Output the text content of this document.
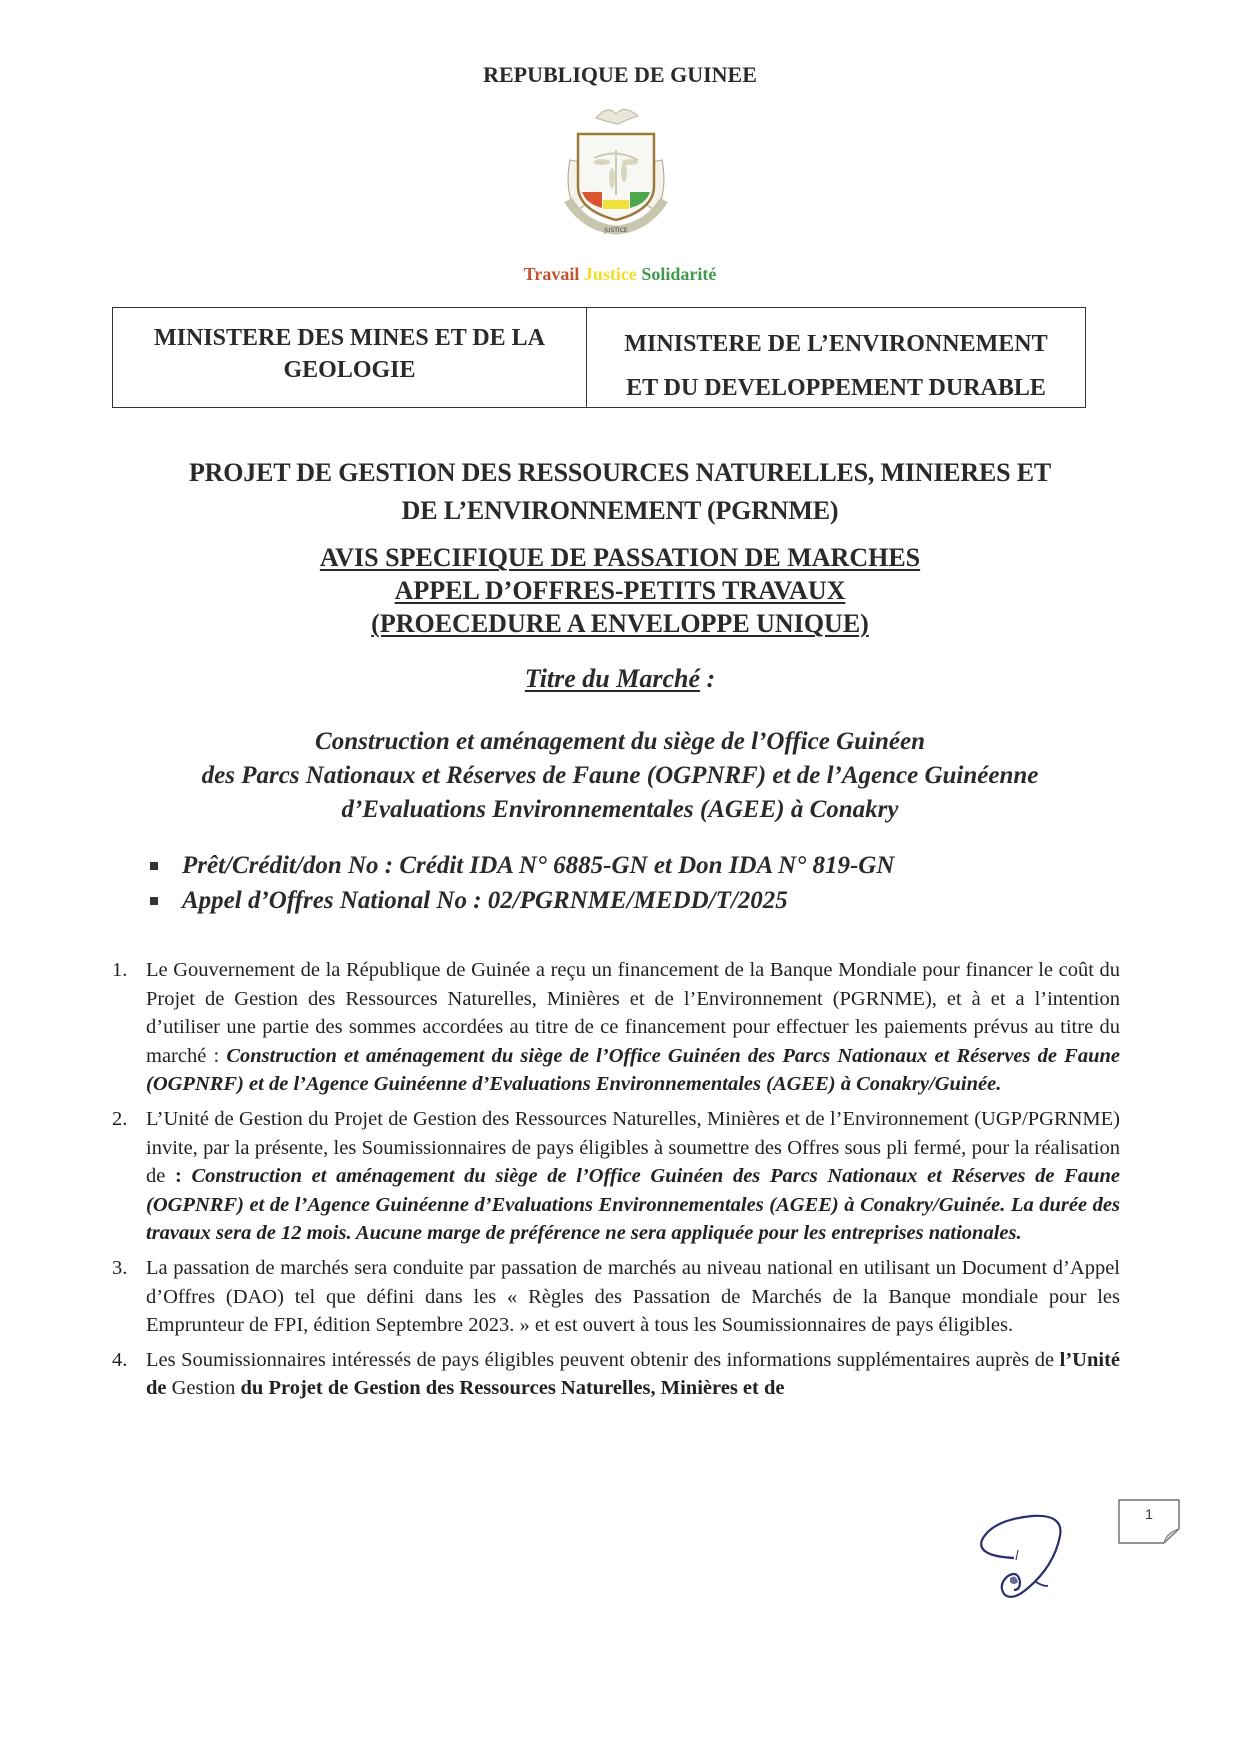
REPUBLIQUE DE GUINEE
JUSTICE
Travail Justice Solidarité
MINISTERE DES MINES ET DE LA
GEOLOGIE
MINISTERE DE L’ENVIRONNEMENT
ET DU DEVELOPPEMENT DURABLE
PROJET DE GESTION DES RESSOURCES NATURELLES, MINIERES ET
DE L’ENVIRONNEMENT (PGRNME)
AVIS SPECIFIQUE DE PASSATION DE MARCHES
APPEL D’OFFRES-PETITS TRAVAUX
(PROECEDURE A ENVELOPPE UNIQUE)
Titre du Marché :
Construction et aménagement du siège de l’Office Guinéen
des Parcs Nationaux et Réserves de Faune (OGPNRF) et de l’Agence Guinéenne
d’Evaluations Environnementales (AGEE) à Conakry
Prêt/Crédit/don No : Crédit IDA N° 6885-GN et Don IDA N° 819-GN
Appel d’Offres National No : 02/PGRNME/MEDD/T/2025
1. Le Gouvernement de la République de Guinée a reçu un financement de la Banque Mondiale pour financer le coût du Projet de Gestion des Ressources Naturelles, Minières et de l’Environnement (PGRNME), et à et a l’intention d’utiliser une partie des sommes accordées au titre de ce financement pour effectuer les paiements prévus au titre du marché : Construction et aménagement du siège de l’Office Guinéen des Parcs Nationaux et Réserves de Faune (OGPNRF) et de l’Agence Guinéenne d’Evaluations Environnementales (AGEE) à Conakry/Guinée.
2. L’Unité de Gestion du Projet de Gestion des Ressources Naturelles, Minières et de l’Environnement (UGP/PGRNME) invite, par la présente, les Soumissionnaires de pays éligibles à soumettre des Offres sous pli fermé, pour la réalisation de : Construction et aménagement du siège de l’Office Guinéen des Parcs Nationaux et Réserves de Faune (OGPNRF) et de l’Agence Guinéenne d’Evaluations Environnementales (AGEE) à Conakry/Guinée. La durée des travaux sera de 12 mois. Aucune marge de préférence ne sera appliquée pour les entreprises nationales.
3. La passation de marchés sera conduite par passation de marchés au niveau national en utilisant un Document d’Appel d’Offres (DAO) tel que défini dans les « Règles des Passation de Marchés de la Banque mondiale pour les Emprunteur de FPI, édition Septembre 2023. » et est ouvert à tous les Soumissionnaires de pays éligibles.
4. Les Soumissionnaires intéressés de pays éligibles peuvent obtenir des informations supplémentaires auprès de l’Unité de Gestion du Projet de Gestion des Ressources Naturelles, Minières et de
1
